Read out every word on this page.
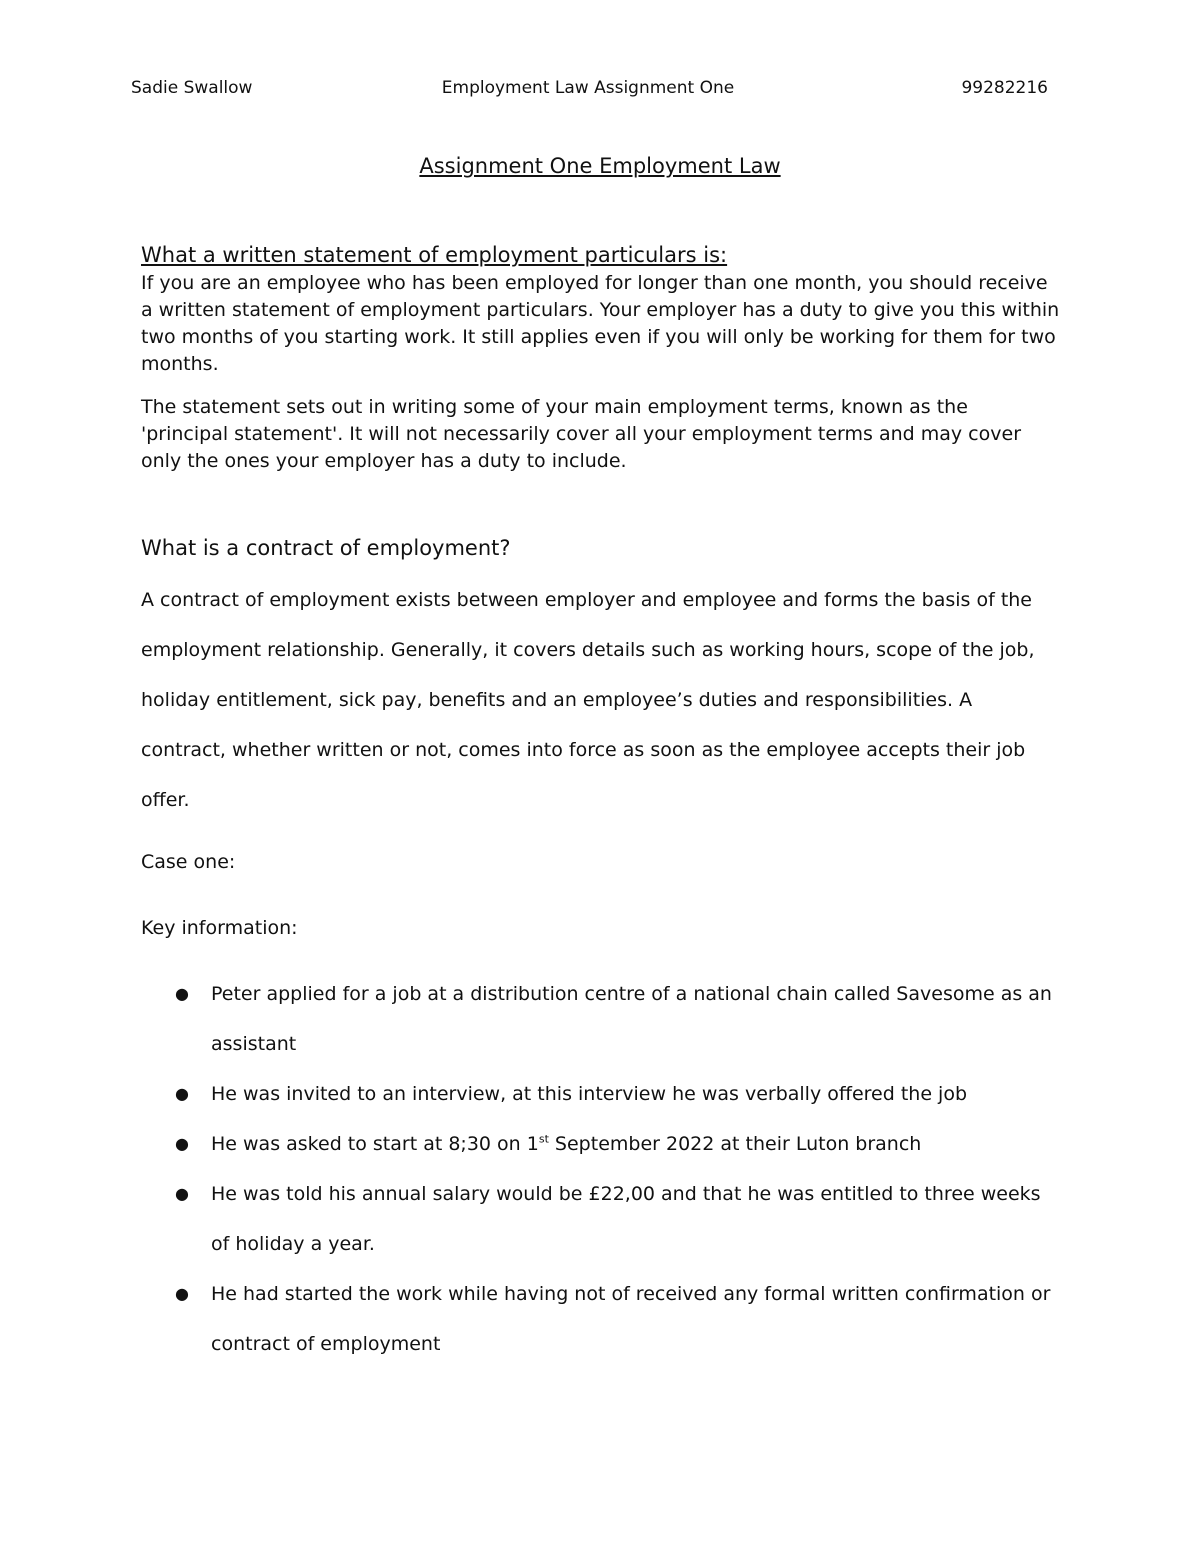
Sadie Swallow	Employment Law Assignment One	99282216
Assignment One Employment Law
What a written statement of employment particulars is:

If you are an employee who has been employed for longer than one month, you should receive a written statement of employment particulars. Your employer has a duty to give you this within two months of you starting work. It still applies even if you will only be working for them for two months.

The statement sets out in writing some of your main employment terms, known as the 'principal statement'. It will not necessarily cover all your employment terms and may cover only the ones your employer has a duty to include.

What is a contract of employment?

A contract of employment exists between employer and employee and forms the basis of the employment relationship. Generally, it covers details such as working hours, scope of the job, holiday entitlement, sick pay, benefits and an employee’s duties and responsibilities. A contract, whether written or not, comes into force as soon as the employee accepts their job offer.

Case one:
Key information:
● Peter applied for a job at a distribution centre of a national chain called Savesome as an assistant
● He was invited to an interview, at this interview he was verbally offered the job
● He was asked to start at 8;30 on 1st September 2022 at their Luton branch
● He was told his annual salary would be £22,00 and that he was entitled to three weeks of holiday a year.
● He had started the work while having not of received any formal written confirmation or contract of employment
